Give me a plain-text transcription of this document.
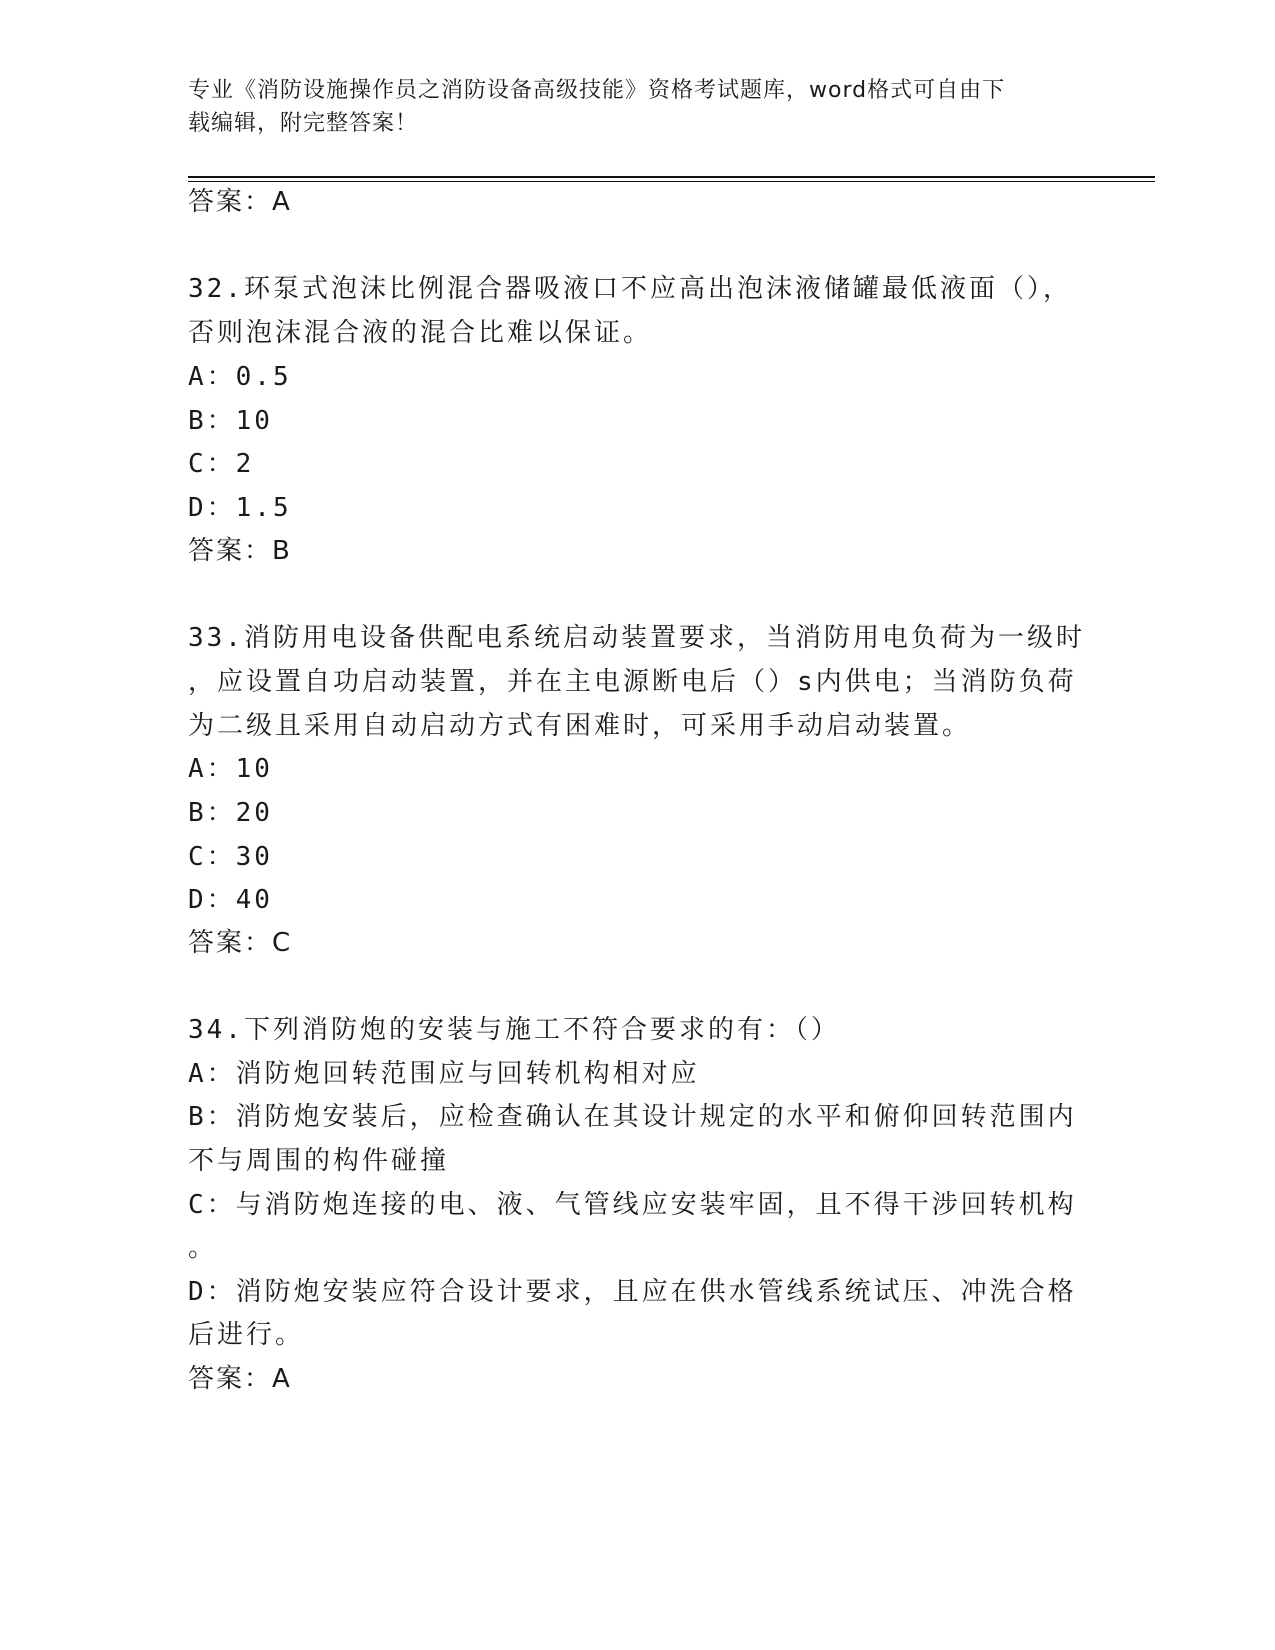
专业《消防设施操作员之消防设备高级技能》资格考试题库，word格式可自由下
载编辑，附完整答案！
答案：A
32.环泵式泡沫比例混合器吸液口不应高出泡沫液储罐最低液面（），
否则泡沫混合液的混合比难以保证。
A：0.5
B：10
C：2
D：1.5
答案：B
33.消防用电设备供配电系统启动装置要求，当消防用电负荷为一级时
，应设置自功启动装置，并在主电源断电后（）s内供电；当消防负荷
为二级且采用自动启动方式有困难时，可采用手动启动装置。
A：10
B：20
C：30
D：40
答案：C
34.下列消防炮的安装与施工不符合要求的有：（）
A：消防炮回转范围应与回转机构相对应
B：消防炮安装后，应检查确认在其设计规定的水平和俯仰回转范围内
不与周围的构件碰撞
C：与消防炮连接的电、液、气管线应安装牢固，且不得干涉回转机构
。
D：消防炮安装应符合设计要求，且应在供水管线系统试压、冲洗合格
后进行。
答案：A
